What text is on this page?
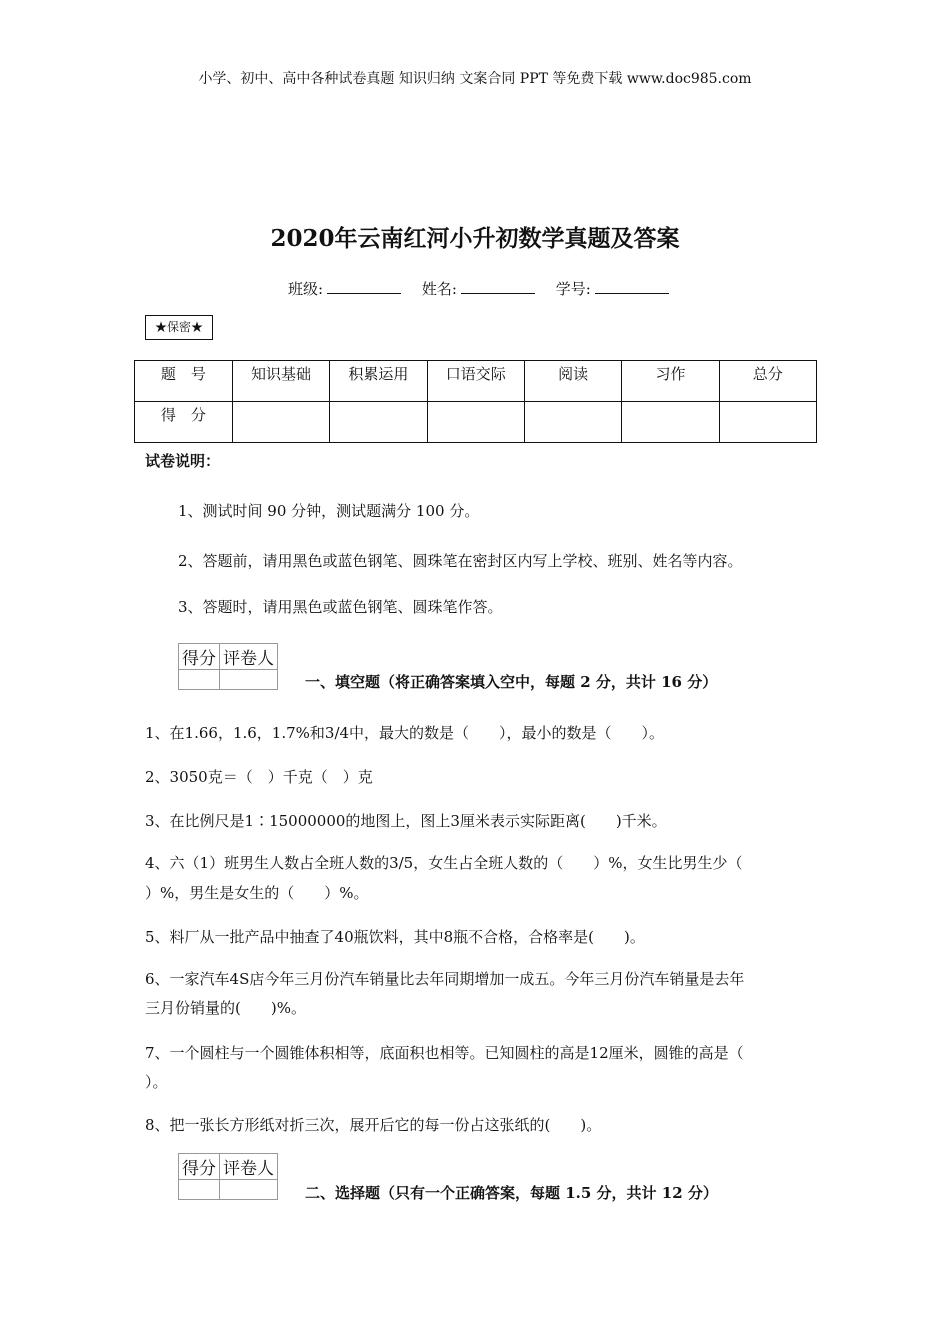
小学、初中、高中各种试卷真题 知识归纳 文案合同 PPT 等免费下载 www.doc985.com
2020年云南红河小升初数学真题及答案
班级:	姓名:	学号:
★保密★
题　号	知识基础	积累运用	口语交际	阅读	习作	总分
得　分						
试卷说明：
1、测试时间 90 分钟，测试题满分 100 分。
2、答题前，请用黑色或蓝色钢笔、圆珠笔在密封区内写上学校、班别、姓名等内容。
3、答题时，请用黑色或蓝色钢笔、圆珠笔作答。
得分	评卷人

一、填空题（将正确答案填入空中，每题 2 分，共计 16 分）
1、在1.66，1.6，1.7%和3/4中，最大的数是（　　），最小的数是（　　）。
2、3050克＝（　）千克（　）克
3、在比例尺是1∶15000000的地图上，图上3厘米表示实际距离(　　)千米。
4、六（1）班男生人数占全班人数的3/5，女生占全班人数的（　　）%，女生比男生少（
）%，男生是女生的（　　）%。
5、料厂从一批产品中抽查了40瓶饮料，其中8瓶不合格，合格率是(　　)。
6、一家汽车4S店今年三月份汽车销量比去年同期增加一成五。今年三月份汽车销量是去年
三月份销量的(　　)%。
7、一个圆柱与一个圆锥体积相等，底面积也相等。已知圆柱的高是12厘米，圆锥的高是（
）。
8、把一张长方形纸对折三次，展开后它的每一份占这张纸的(　　)。
得分	评卷人

二、选择题（只有一个正确答案，每题 1.5 分，共计 12 分）
